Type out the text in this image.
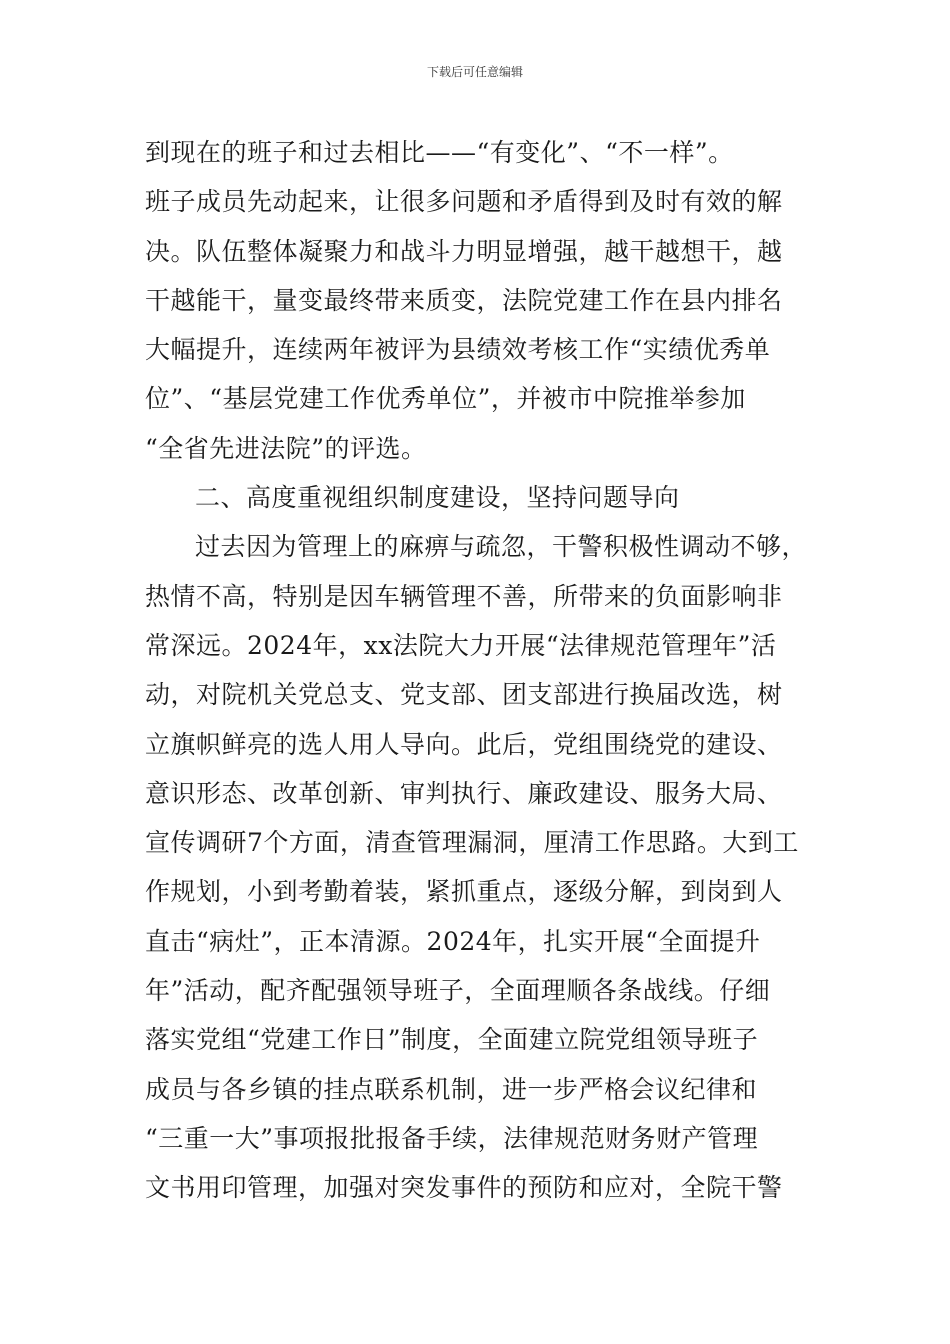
下载后可任意编辑
到现在的班子和过去相比——“有变化”、“不一样”。
班子成员先动起来，让很多问题和矛盾得到及时有效的解
决。队伍整体凝聚力和战斗力明显增强，越干越想干，越
干越能干，量变最终带来质变，法院党建工作在县内排名
大幅提升，连续两年被评为县绩效考核工作“实绩优秀单
位”、“基层党建工作优秀单位”，并被市中院推举参加
“全省先进法院”的评选。
二、高度重视组织制度建设，坚持问题导向
过去因为管理上的麻痹与疏忽，干警积极性调动不够，
热情不高，特别是因车辆管理不善，所带来的负面影响非
常深远。2024年，xx法院大力开展“法律规范管理年”活
动，对院机关党总支、党支部、团支部进行换届改选，树
立旗帜鲜亮的选人用人导向。此后，党组围绕党的建设、
意识形态、改革创新、审判执行、廉政建设、服务大局、
宣传调研7个方面，清查管理漏洞，厘清工作思路。大到工
作规划，小到考勤着装，紧抓重点，逐级分解，到岗到人
直击“病灶”，正本清源。2024年，扎实开展“全面提升
年”活动，配齐配强领导班子，全面理顺各条战线。仔细
落实党组“党建工作日”制度，全面建立院党组领导班子
成员与各乡镇的挂点联系机制，进一步严格会议纪律和
“三重一大”事项报批报备手续，法律规范财务财产管理
文书用印管理，加强对突发事件的预防和应对，全院干警
